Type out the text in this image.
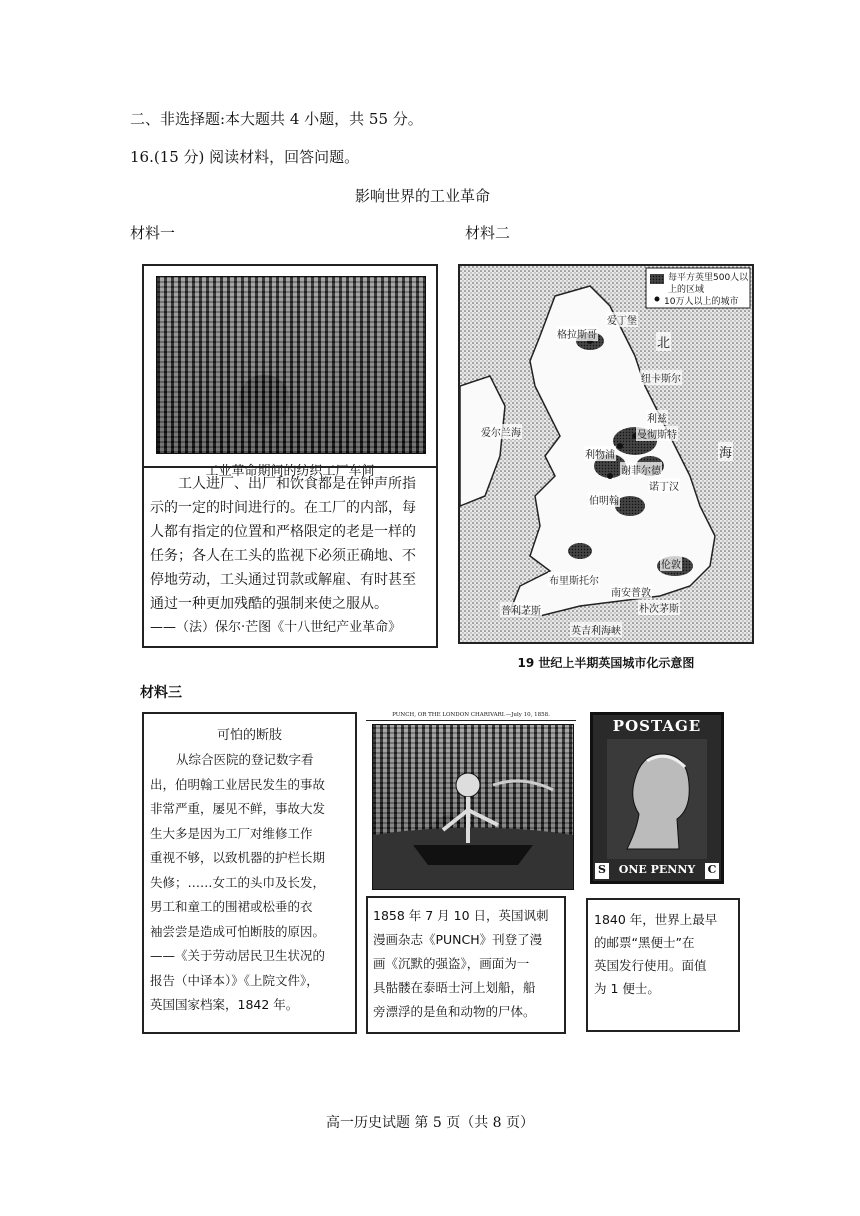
二、非选择题:本大题共 4 小题，共 55 分。
16.(15 分) 阅读材料，回答问题。
影响世界的工业革命
材料一	材料二
工业革命期间的纺织工厂车间

工人进厂、出厂和饮食都是在钟声所指

示的一定的时间进行的。在工厂的内部，每

人都有指定的位置和严格限定的老是一样的

任务；各人在工头的监视下必须正确地、不

停地劳动，工头通过罚款或解雇、有时甚至

通过一种更加残酷的强制来使之服从。

——（法）保尔·芒图《十八世纪产业革命》

每平方英里500人以上的区域
10万人以上的城市
爱尔兰海
北
海
伦敦
布里斯托尔
伯明翰
曼彻斯特
利物浦
利兹
格拉斯哥
爱丁堡
纽卡斯尔
南安普敦
普利茅斯	朴次茅斯
诺丁汉
谢菲尔德
英吉利海峡
19 世纪上半期英国城市化示意图
材料三
可怕的断肢

从综合医院的登记数字看

出，伯明翰工业居民发生的事故

非常严重，屡见不鲜，事故大发

生大多是因为工厂对维修工作

重视不够，以致机器的护栏长期

失修；……女工的头巾及长发，

男工和童工的围裙或松垂的衣

袖尝尝是造成可怕断肢的原因。

——《关于劳动居民卫生状况的

报告（中译本）》《上院文件》，

英国国家档案，1842 年。

PUNCH, OR THE LONDON CHARIVARI.—July 10, 1858.

1858 年 7 月 10 日，英国讽刺

漫画杂志《PUNCH》刊登了漫

画《沉默的强盗》，画面为一

具骷髅在泰晤士河上划船，船

旁漂浮的是鱼和动物的尸体。

POSTAGE
S	ONE PENNY	C

1840 年，世界上最早

的邮票“黑便士”在

英国发行使用。面值

为 1 便士。

高一历史试题 第 5 页（共 8 页）
